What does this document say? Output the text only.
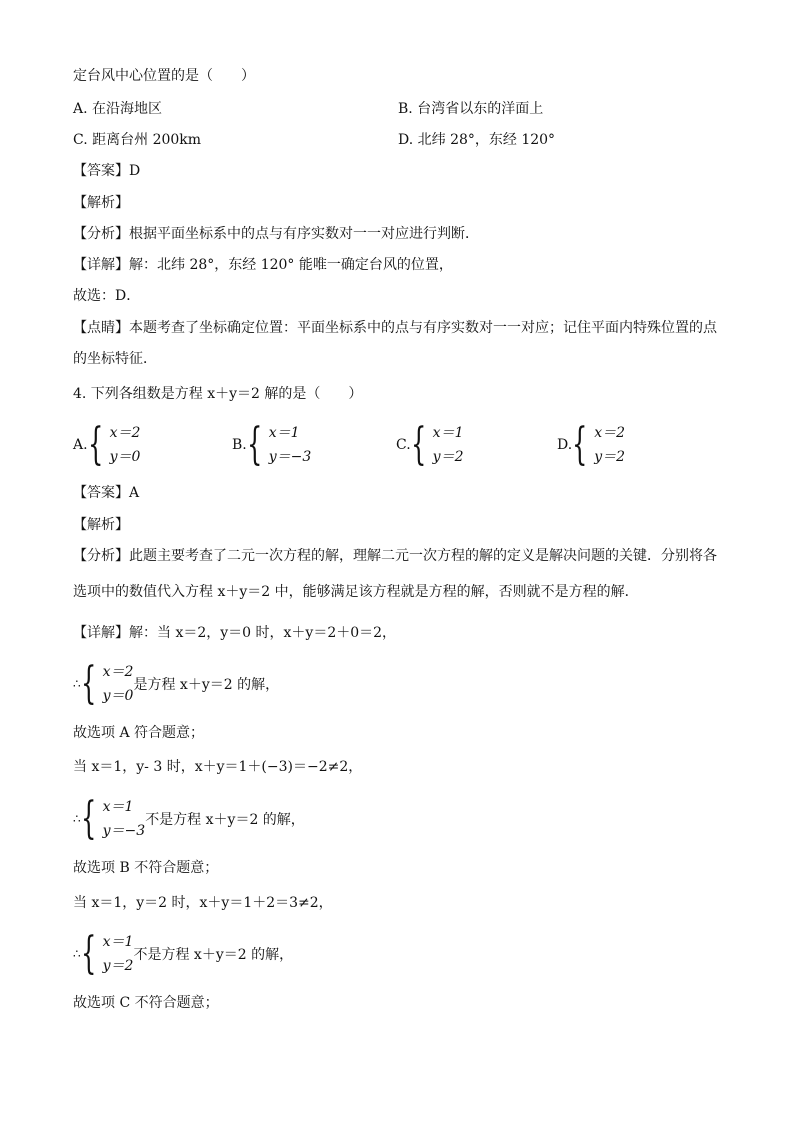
定台风中心位置的是（　　）
A. 在沿海地区	B. 台湾省以东的洋面上
C. 距离台州 200km	D. 北纬 28°，东经 120°
【答案】D
【解析】
【分析】根据平面坐标系中的点与有序实数对一一对应进行判断．
【详解】解：北纬 28°，东经 120° 能唯一确定台风的位置，
故选：D．
【点睛】本题考查了坐标确定位置：平面坐标系中的点与有序实数对一一对应；记住平面内特殊位置的点
的坐标特征．
4. 下列各组数是方程 x＋y＝2 解的是（　　）
A. { x＝2
y＝0
B. { x＝1
y＝−3
C. { x＝1
y＝2
D. { x＝2
y＝2
【答案】A
【解析】
【分析】此题主要考查了二元一次方程的解，理解二元一次方程的解的定义是解决问题的关键．分别将各
选项中的数值代入方程 x＋y＝2 中，能够满足该方程就是方程的解，否则就不是方程的解．
【详解】解：当 x＝2，y＝0 时，x＋y＝2＋0＝2，
∴ { x＝2
y＝0
是方程 x＋y＝2 的解，
故选项 A 符合题意；
当 x＝1，y- 3 时，x＋y＝1＋(−3)＝−2≠2，
∴ { x＝1
y＝−3
不是方程 x＋y＝2 的解，
故选项 B 不符合题意；
当 x＝1，y＝2 时，x＋y＝1＋2＝3≠2，
∴ { x＝1
y＝2
不是方程 x＋y＝2 的解，
故选项 C 不符合题意；
